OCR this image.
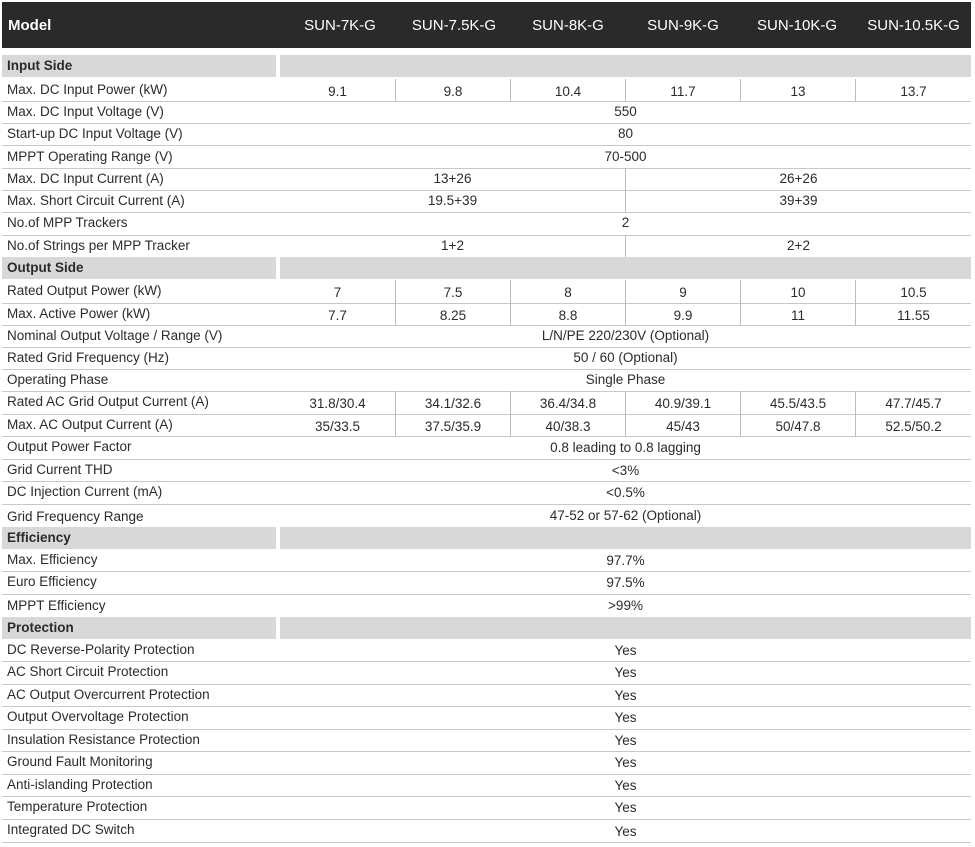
Model	SUN-7K-G	SUN-7.5K-G	SUN-8K-G	SUN-9K-G	SUN-10K-G	SUN-10.5K-G
Input Side
Max. DC Input Power (kW)	9.1	9.8	10.4	11.7	13	13.7
Max. DC Input Voltage (V)	550
Start-up DC Input Voltage (V)	80
MPPT Operating Range (V)	70-500
Max. DC Input Current (A)	13+26	26+26
Max. Short Circuit Current (A)	19.5+39	39+39
No.of MPP Trackers	2
No.of Strings per MPP Tracker	1+2	2+2
Output Side
Rated Output Power (kW)	7	7.5	8	9	10	10.5
Max. Active Power (kW)	7.7	8.25	8.8	9.9	11	11.55
Nominal Output Voltage / Range (V)	L/N/PE 220/230V (Optional)
Rated Grid Frequency (Hz)	50 / 60 (Optional)
Operating Phase	Single Phase
Rated AC Grid Output Current (A)	31.8/30.4	34.1/32.6	36.4/34.8	40.9/39.1	45.5/43.5	47.7/45.7
Max. AC Output Current (A)	35/33.5	37.5/35.9	40/38.3	45/43	50/47.8	52.5/50.2
Output Power Factor	0.8 leading to 0.8 lagging
Grid Current THD	<3%
DC Injection Current (mA)	<0.5%
Grid Frequency Range	47-52 or 57-62 (Optional)
Efficiency
Max. Efficiency	97.7%
Euro Efficiency	97.5%
MPPT Efficiency	>99%
Protection
DC Reverse-Polarity Protection	Yes
AC Short Circuit Protection	Yes
AC Output Overcurrent Protection	Yes
Output Overvoltage Protection	Yes
Insulation Resistance Protection	Yes
Ground Fault Monitoring	Yes
Anti-islanding Protection	Yes
Temperature Protection	Yes
Integrated DC Switch	Yes
